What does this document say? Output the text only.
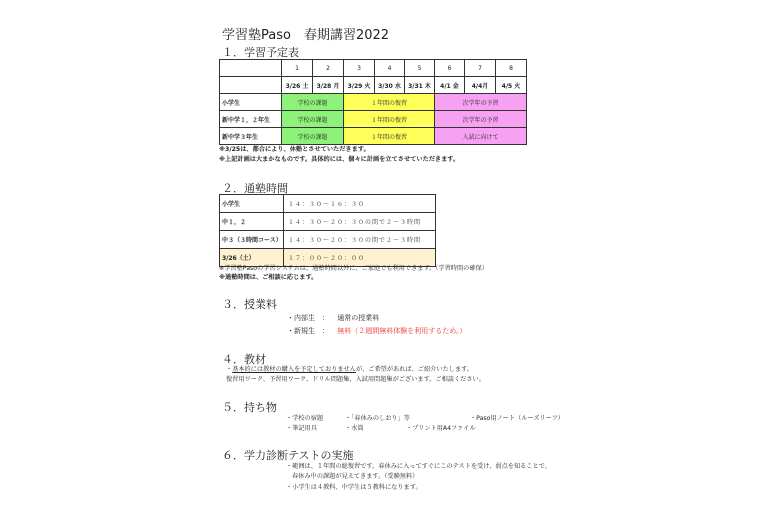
学習塾Paso　春期講習2022
１．学習予定表
	1	2	3	4	5	6	7	8
	3/26 土	3/28 月	3/29 火	3/30 水	3/31 木	4/1 金	4/4月	4/5 火
小学生	学校の課題		１年間の復習			次学年の予習		
新中学１，２年生	学校の課題		１年間の復習			次学年の予習		
新中学３年生	学校の課題		１年間の復習			入試に向けて		
※3/25は、都合により、休塾とさせていただきます。
※上記計画は大まかなものです。具体的には、個々に計画を立てさせていただきます。
２．通塾時間
小学生	１４：３０～１６：３０
中１，２	１４：３０～２０：３０の間で２～３時間
中３（３時間コース）	１４：３０～２０：３０の間で２～３時間
3/26（土）	１７：００～２０：００
※学習塾Pasoの学習システムは、通塾時間以外に、ご家庭でも利用できます。（学習時間の確保）
※通塾時間は、ご相談に応じます。
３．授業料
・内部生　： 通常の授業料
・新規生　： 無料（２週間無料体験を利用するため。）
４．教材
・基本的には教材の購入を予定しておりませんが、ご希望があれば、ご紹介いたします。
復習用ワーク、予習用ワーク、ドリル問題集、入試用問題集がございます。ご相談ください。
５．持ち物
・学校の宿題	・「春休みのしおり」等	・Paso用ノート（ルーズリーフ）
・筆記用具	・水筒	・プリント用A4ファイル
６．学力診断テストの実施
・範囲は、１年間の総復習です。春休みに入ってすぐにこのテストを受け、弱点を知ることで、
春休み中の課題が見えてきます。（受験無料）
・小学生は４教科、中学生は５教科になります。
